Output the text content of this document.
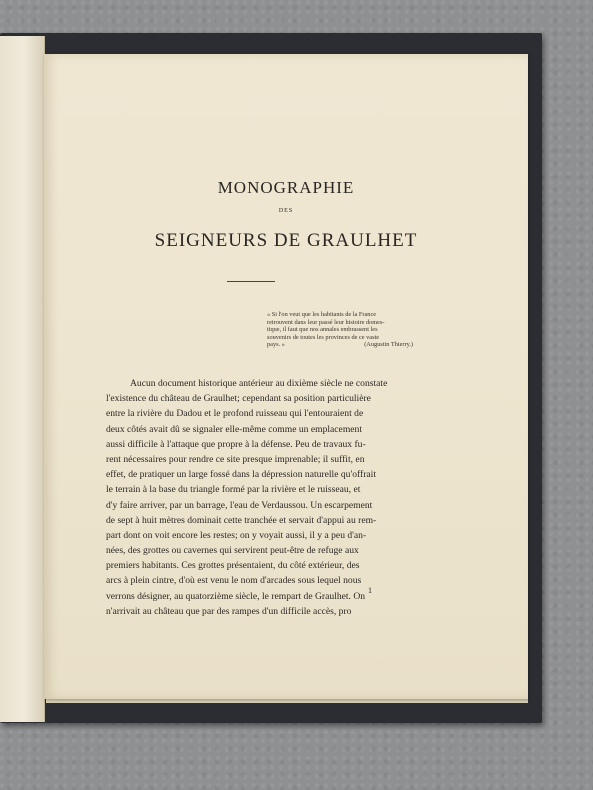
MONOGRAPHIE
DES
SEIGNEURS DE GRAULHET
« Si l'on veut que les habitants de la France
retrouvent dans leur passé leur histoire domes-
tique, il faut que nos annales embrassent les
souvenirs de toutes les provinces de ce vaste
pays. »	(Augustin Thierry.)
Aucun document historique antérieur au dixième siècle ne constate
l'existence du château de Graulhet; cependant sa position particulière
entre la rivière du Dadou et le profond ruisseau qui l'entouraient de
deux côtés avait dû se signaler elle-même comme un emplacement
aussi difficile à l'attaque que propre à la défense. Peu de travaux fu-
rent nécessaires pour rendre ce site presque imprenable; il suffit, en
effet, de pratiquer un large fossé dans la dépression naturelle qu'offrait
le terrain à la base du triangle formé par la rivière et le ruisseau, et
d'y faire arriver, par un barrage, l'eau de Verdaussou. Un escarpement
de sept à huit mètres dominait cette tranchée et servait d'appui au rem-
part dont on voit encore les restes; on y voyait aussi, il y a peu d'an-
nées, des grottes ou cavernes qui servirent peut-être de refuge aux
premiers habitants. Ces grottes présentaient, du côté extérieur, des
arcs à plein cintre, d'où est venu le nom d'arcades sous lequel nous
verrons désigner, au quatorzième siècle, le rempart de Graulhet. On
n'arrivait au château que par des rampes d'un difficile accès, pro
1
